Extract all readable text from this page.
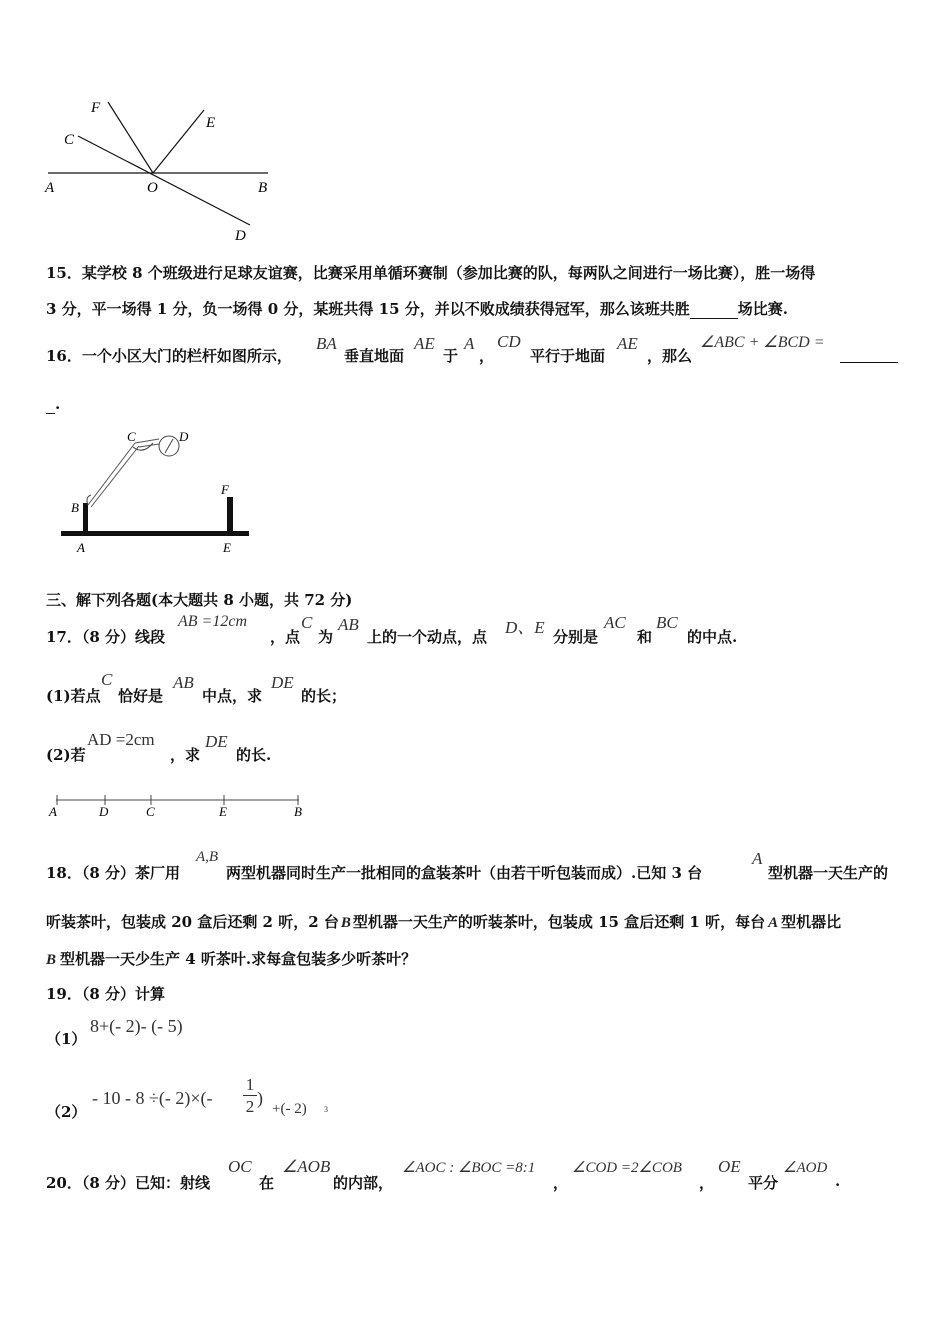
F
C
E
A	O	B
D
15．某学校 8 个班级进行足球友谊赛，比赛采用单循环赛制（参加比赛的队，每两队之间进行一场比赛），胜一场得
3 分，平一场得 1 分，负一场得 0 分，某班共得 15 分，并以不败成绩获得冠军，那么该班共胜	场比赛.
16．一个小区大门的栏杆如图所示，
BA
垂直地面
AE
于
A
，
CD
平行于地面
AE
，那么
∠ABC + ∠BCD =
.
C	D
B
F
A	E
三、解下列各题(本大题共 8 小题，共 72 分)
17．（8 分）线段
AB =12cm
，点
C
为
AB
上的一个动点，点 D、E 分别是
AC
和
BC
的中点.
(1)若点
C
恰好是
AB
中点，求
DE
的长；
(2)若
AD =2cm
，求
DE
的长.
A	D	C	E	B
18．（8 分）茶厂用
A,B
两型机器同时生产一批相同的盒装茶叶（由若干听包装而成）.已知 3 台
A
型机器一天生产的
听装茶叶，包装成 20 盒后还剩 2 听，2 台 B 型机器一天生产的听装茶叶，包装成 15 盒后还剩 1 听，每台 A 型机器比
B 型机器一天少生产 4 听茶叶.求每盒包装多少听茶叶？
19．（8 分）计算
（1）
8+(- 2)- (- 5)
（2）
- 10 - 8 ÷(- 2)×(-
1
2 )
+(- 2) 3
20．（8 分）已知：射线
OC
在
∠AOB
的内部，
∠AOC : ∠BOC =8:1
，
∠COD =2∠COB
，
OE
平分
∠AOD
.
